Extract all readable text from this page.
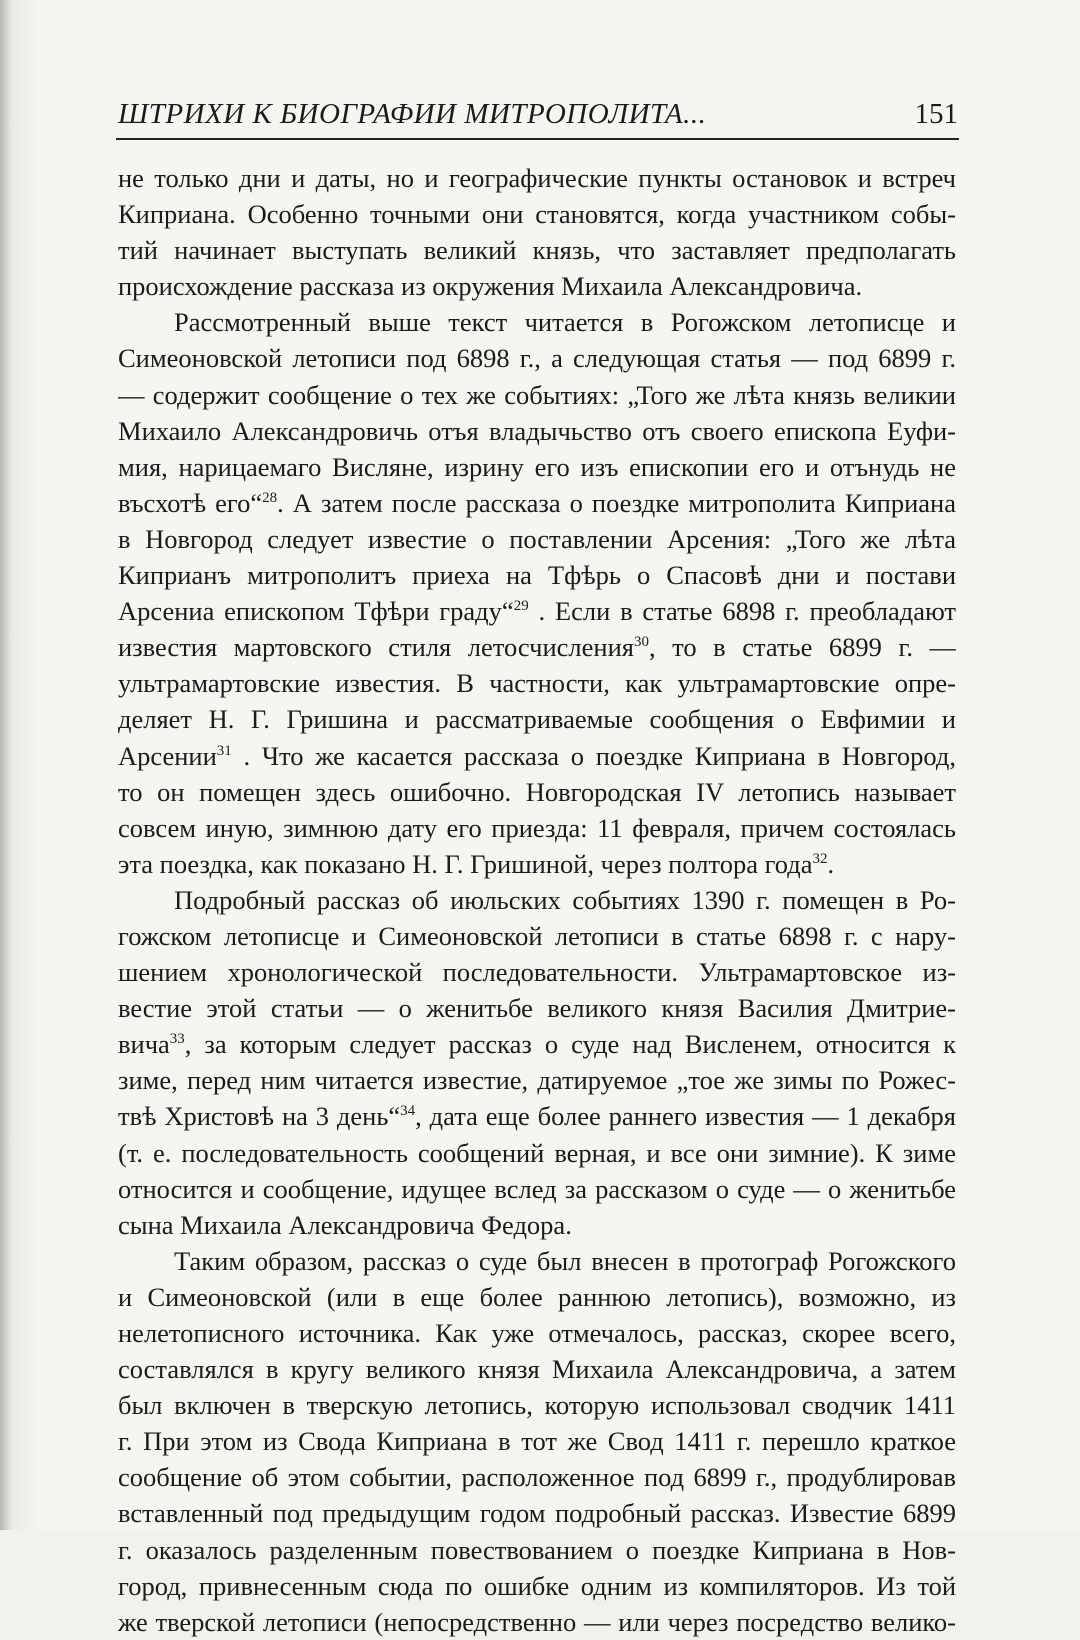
ШТРИХИ К БИОГРАФИИ МИТРОПОЛИТА...	151
не только дни и даты, но и географические пункты остановок и встреч
Киприана. Особенно точными они становятся, когда участником собы-
тий начинает выступать великий князь, что заставляет предполагать
происхождение рассказа из окружения Михаила Александровича.
Рассмотренный выше текст читается в Рогожском летописце и
Симеоновской летописи под 6898 г., а следующая статья — под 6899 г.
— содержит сообщение о тех же событиях: „Того же лѣта князь великии
Михаило Александровичь отъя владычьство отъ своего епископа Еуфи-
мия, нарицаемаго Висляне, изрину его изъ епископии его и отънудь не
въсхотѣ его“$^{28}$. А затем после рассказа о поездке митрополита Киприана
в Новгород следует известие о поставлении Арсения: „Того же лѣта
Киприанъ митрополитъ приеха на Тфѣрь о Спасовѣ дни и постави
Арсениа епископом Тфѣри граду“$^{29}$ . Если в статье 6898 г. преобладают
известия мартовского стиля летосчисления$^{30}$, то в статье 6899 г. —
ультрамартовские известия. В частности, как ультрамартовские опре-
деляет Н. Г. Гришина и рассматриваемые сообщения о Евфимии и
Арсении$^{31}$ . Что же касается рассказа о поездке Киприана в Новгород,
то он помещен здесь ошибочно. Новгородская IV летопись называет
совсем иную, зимнюю дату его приезда: 11 февраля, причем состоялась
эта поездка, как показано Н. Г. Гришиной, через полтора года$^{32}$.
Подробный рассказ об июльских событиях 1390 г. помещен в Ро-
гожском летописце и Симеоновской летописи в статье 6898 г. с нару-
шением хронологической последовательности. Ультрамартовское из-
вестие этой статьи — о женитьбе великого князя Василия Дмитрие-
вича$^{33}$, за которым следует рассказ о суде над Висленем, относится к
зиме, перед ним читается известие, датируемое „тое же зимы по Рожес-
твѣ Христовѣ на 3 день“$^{34}$, дата еще более раннего известия — 1 декабря
(т. е. последовательность сообщений верная, и все они зимние). К зиме
относится и сообщение, идущее вслед за рассказом о суде — о женитьбе
сына Михаила Александровича Федора.
Таким образом, рассказ о суде был внесен в протограф Рогожского
и Симеоновской (или в еще более раннюю летопись), возможно, из
нелетописного источника. Как уже отмечалось, рассказ, скорее всего,
составлялся в кругу великого князя Михаила Александровича, а затем
был включен в тверскую летопись, которую использовал сводчик 1411
г. При этом из Свода Киприана в тот же Свод 1411 г. перешло краткое
сообщение об этом событии, расположенное под 6899 г., продублировав
вставленный под предыдущим годом подробный рассказ. Известие 6899
г. оказалось разделенным повествованием о поездке Киприана в Нов-
город, привнесенным сюда по ошибке одним из компиляторов. Из той
же тверской летописи (непосредственно — или через посредство велико-
